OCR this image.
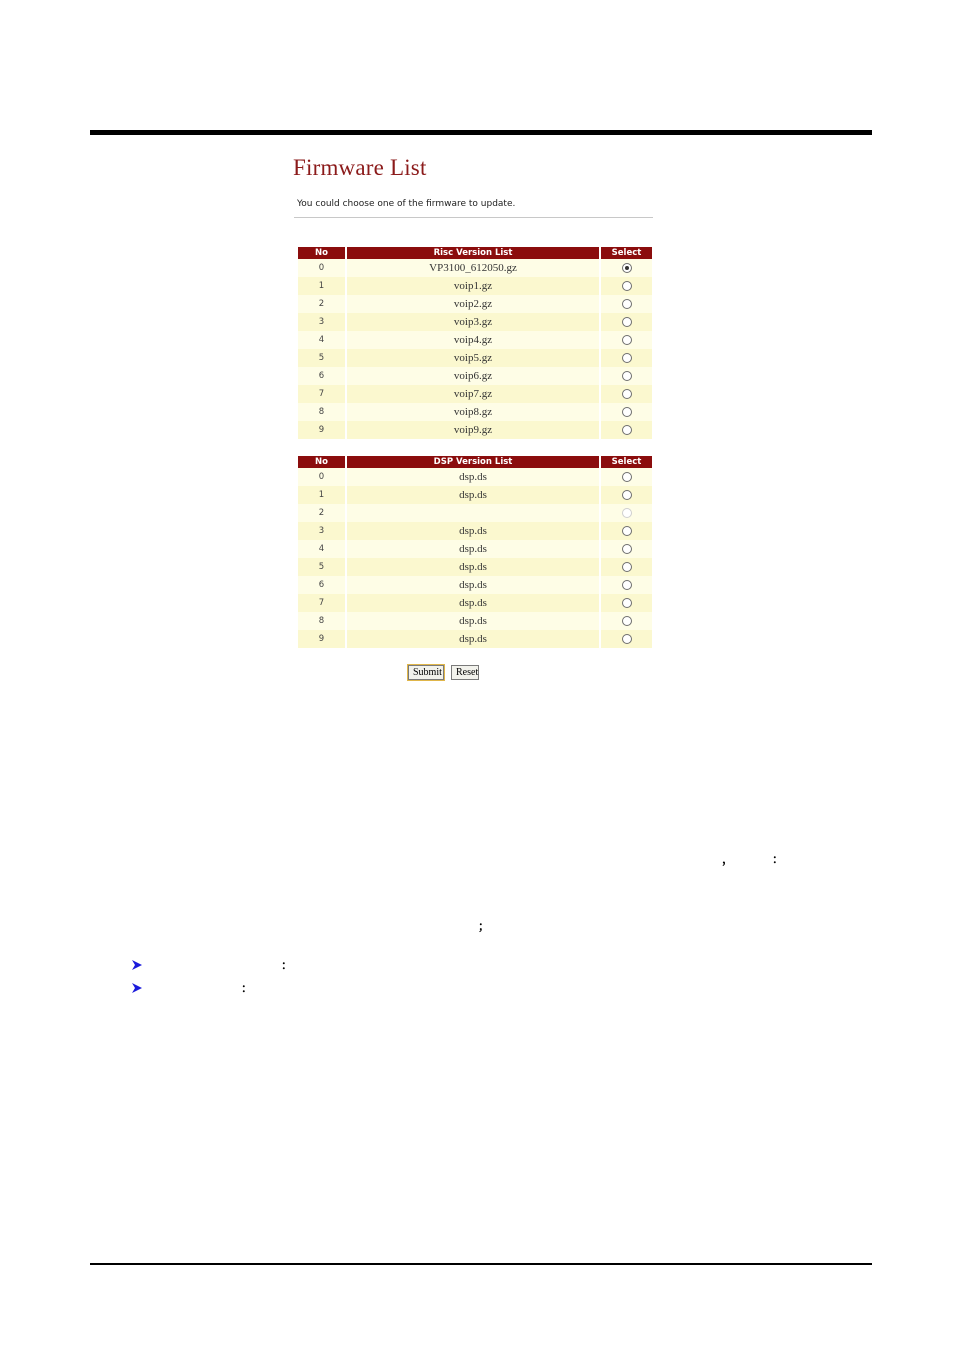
Firmware List
You could choose one of the firmware to update.
No	Risc Version List	Select
0	VP3100_612050.gz	
1	voip1.gz	
2	voip2.gz	
3	voip3.gz	
4	voip4.gz	
5	voip5.gz	
6	voip6.gz	
7	voip7.gz	
8	voip8.gz	
9	voip9.gz	
No	DSP Version List	Select
0	dsp.ds	
1	dsp.ds	
2		
3	dsp.ds	
4	dsp.ds	
5	dsp.ds	
6	dsp.ds	
7	dsp.ds	
8	dsp.ds	
9	dsp.ds	
Submit	Reset
，	：
；
：
：
